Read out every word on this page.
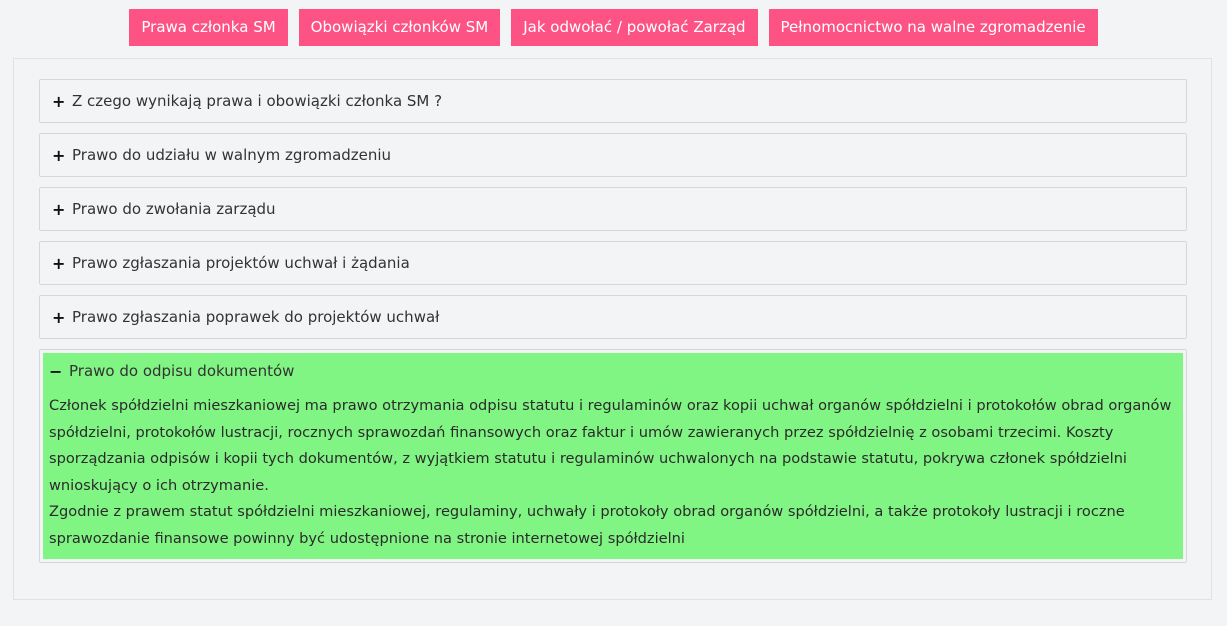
Prawa członka SM	Obowiązki członków SM	Jak odwołać / powołać Zarząd	Pełnomocnictwo na walne zgromadzenie
+ Z czego wynikają prawa i obowiązki członka SM ?
+ Prawo do udziału w walnym zgromadzeniu
+ Prawo do zwołania zarządu
+ Prawo zgłaszania projektów uchwał i żądania
+ Prawo zgłaszania poprawek do projektów uchwał
− Prawo do odpisu dokumentów

Członek spółdzielni mieszkaniowej ma prawo otrzymania odpisu statutu i regulaminów oraz kopii uchwał organów spółdzielni i protokołów obrad organów spółdzielni, protokołów lustracji, rocznych sprawozdań finansowych oraz faktur i umów zawieranych przez spółdzielnię z osobami trzecimi. Koszty sporządzania odpisów i kopii tych dokumentów, z wyjątkiem statutu i regulaminów uchwalonych na podstawie statutu, pokrywa członek spółdzielni wnioskujący o ich otrzymanie.

Zgodnie z prawem statut spółdzielni mieszkaniowej, regulaminy, uchwały i protokoły obrad organów spółdzielni, a także protokoły lustracji i roczne sprawozdanie finansowe powinny być udostępnione na stronie internetowej spółdzielni
